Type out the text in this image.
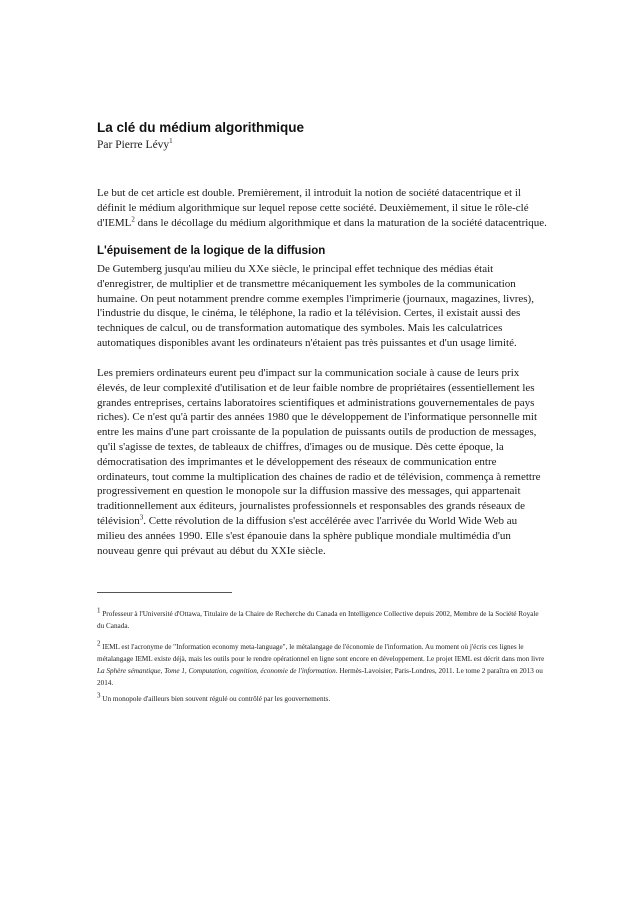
La clé du médium algorithmique
Par Pierre Lévy$^1$
Le but de cet article est double. Premièrement, il introduit la notion de société datacentrique et il définit le médium algorithmique sur lequel repose cette société. Deuxièmement, il situe le rôle-clé d'IEML$^2$ dans le décollage du médium algorithmique et dans la maturation de la société datacentrique.
L'épuisement de la logique de la diffusion
De Gutemberg jusqu'au milieu du XXe siècle, le principal effet technique des médias était d'enregistrer, de multiplier et de transmettre mécaniquement les symboles de la communication humaine. On peut notamment prendre comme exemples l'imprimerie (journaux, magazines, livres), l'industrie du disque, le cinéma, le téléphone, la radio et la télévision. Certes, il existait aussi des techniques de calcul, ou de transformation automatique des symboles. Mais les calculatrices automatiques disponibles avant les ordinateurs n'étaient pas très puissantes et d'un usage limité.
Les premiers ordinateurs eurent peu d'impact sur la communication sociale à cause de leurs prix élevés, de leur complexité d'utilisation et de leur faible nombre de propriétaires (essentiellement les grandes entreprises, certains laboratoires scientifiques et administrations gouvernementales de pays riches). Ce n'est qu'à partir des années 1980 que le développement de l'informatique personnelle mit entre les mains d'une part croissante de la population de puissants outils de production de messages, qu'il s'agisse de textes, de tableaux de chiffres, d'images ou de musique. Dès cette époque, la démocratisation des imprimantes et le développement des réseaux de communication entre ordinateurs, tout comme la multiplication des chaines de radio et de télévision, commença à remettre progressivement en question le monopole sur la diffusion massive des messages, qui appartenait traditionnellement aux éditeurs, journalistes professionnels et responsables des grands réseaux de télévision$^3$. Cette révolution de la diffusion s'est accélérée avec l'arrivée du World Wide Web au milieu des années 1990. Elle s'est épanouie dans la sphère publique mondiale multimédia d'un nouveau genre qui prévaut au début du XXIe siècle.
$^1$ Professeur à l'Université d'Ottawa, Titulaire de la Chaire de Recherche du Canada en Intelligence Collective depuis 2002, Membre de la Société Royale du Canada.
$^2$ IEML est l'acronyme de "Information economy meta-language", le métalangage de l'économie de l'information. Au moment où j'écris ces lignes le métalangage IEML existe déjà, mais les outils pour le rendre opérationnel en ligne sont encore en développement. Le projet IEML est décrit dans mon livre La Sphère sémantique, Tome 1, Computation, cognition, économie de l'information. Hermès-Lavoisier, Paris-Londres, 2011. Le tome 2 paraîtra en 2013 ou 2014.
$^3$ Un monopole d'ailleurs bien souvent régulé ou contrôlé par les gouvernements.
